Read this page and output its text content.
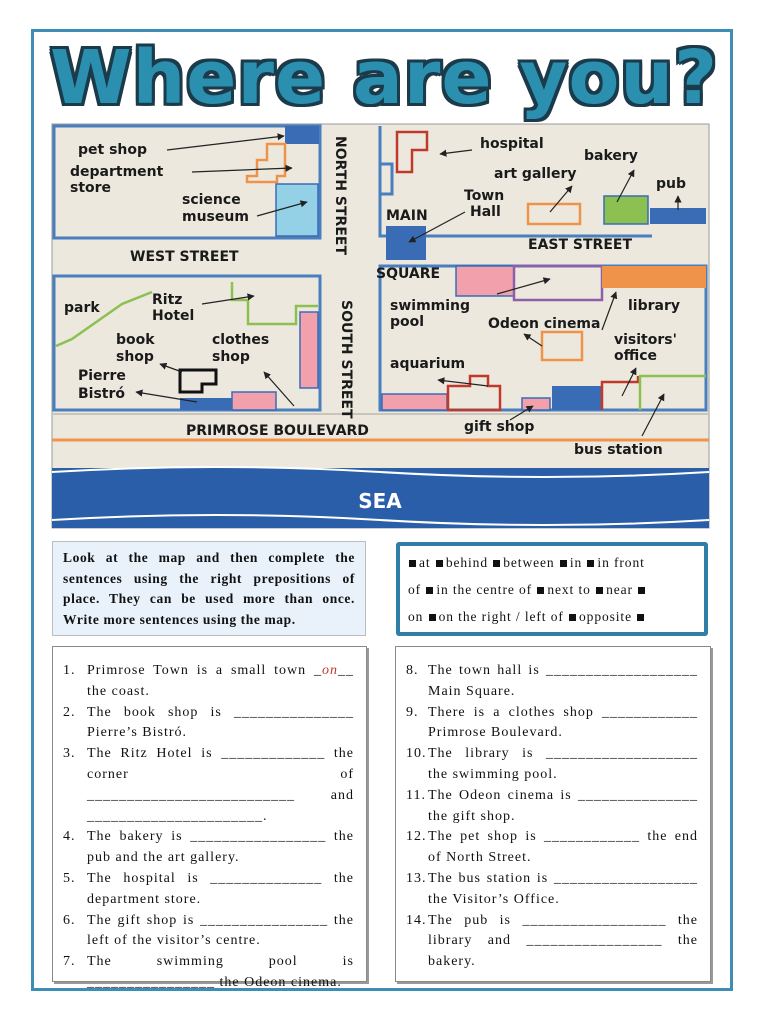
Where are you?
pet shop
department
store
science
museum	NORTH STREET
SOUTH STREET
WEST STREET
EAST STREET
MAIN
SQUARE
hospital
art gallery
bakery
pub
Town
Hall
park	Ritz
Hotel
book
shop
clothes
shop
Pierre
Bistró
swimming
pool	Odeon cinema
library
visitors'
office
aquarium
PRIMROSE BOULEVARD	gift shop
bus station
SEA
Look at the map and then complete the sentences using the right prepositions of place. They can be used more than once. Write more sentences using the map.
at behind between in in front
of in the centre of next to near
on on the right / left of opposite
1. Primrose Town is a small town _on__ the coast.
2. The book shop is _______________ Pierre’s Bistró.
3. The Ritz Hotel is _____________ the corner of __________________________ and ______________________.
4. The bakery is _________________ the pub and the art gallery.
5. The hospital is ______________ the department store.
6. The gift shop is ________________ the left of the visitor’s centre.
7. The swimming pool is ________________ the Odeon cinema.
8. The town hall is ___________________ Main Square.
9. There is a clothes shop ____________ Primrose Boulevard.
10. The library is ___________________ the swimming pool.
11. The Odeon cinema is _______________ the gift shop.
12. The pet shop is ____________ the end of North Street.
13. The bus station is __________________ the Visitor’s Office.
14. The pub is __________________ the library and _________________ the bakery.
